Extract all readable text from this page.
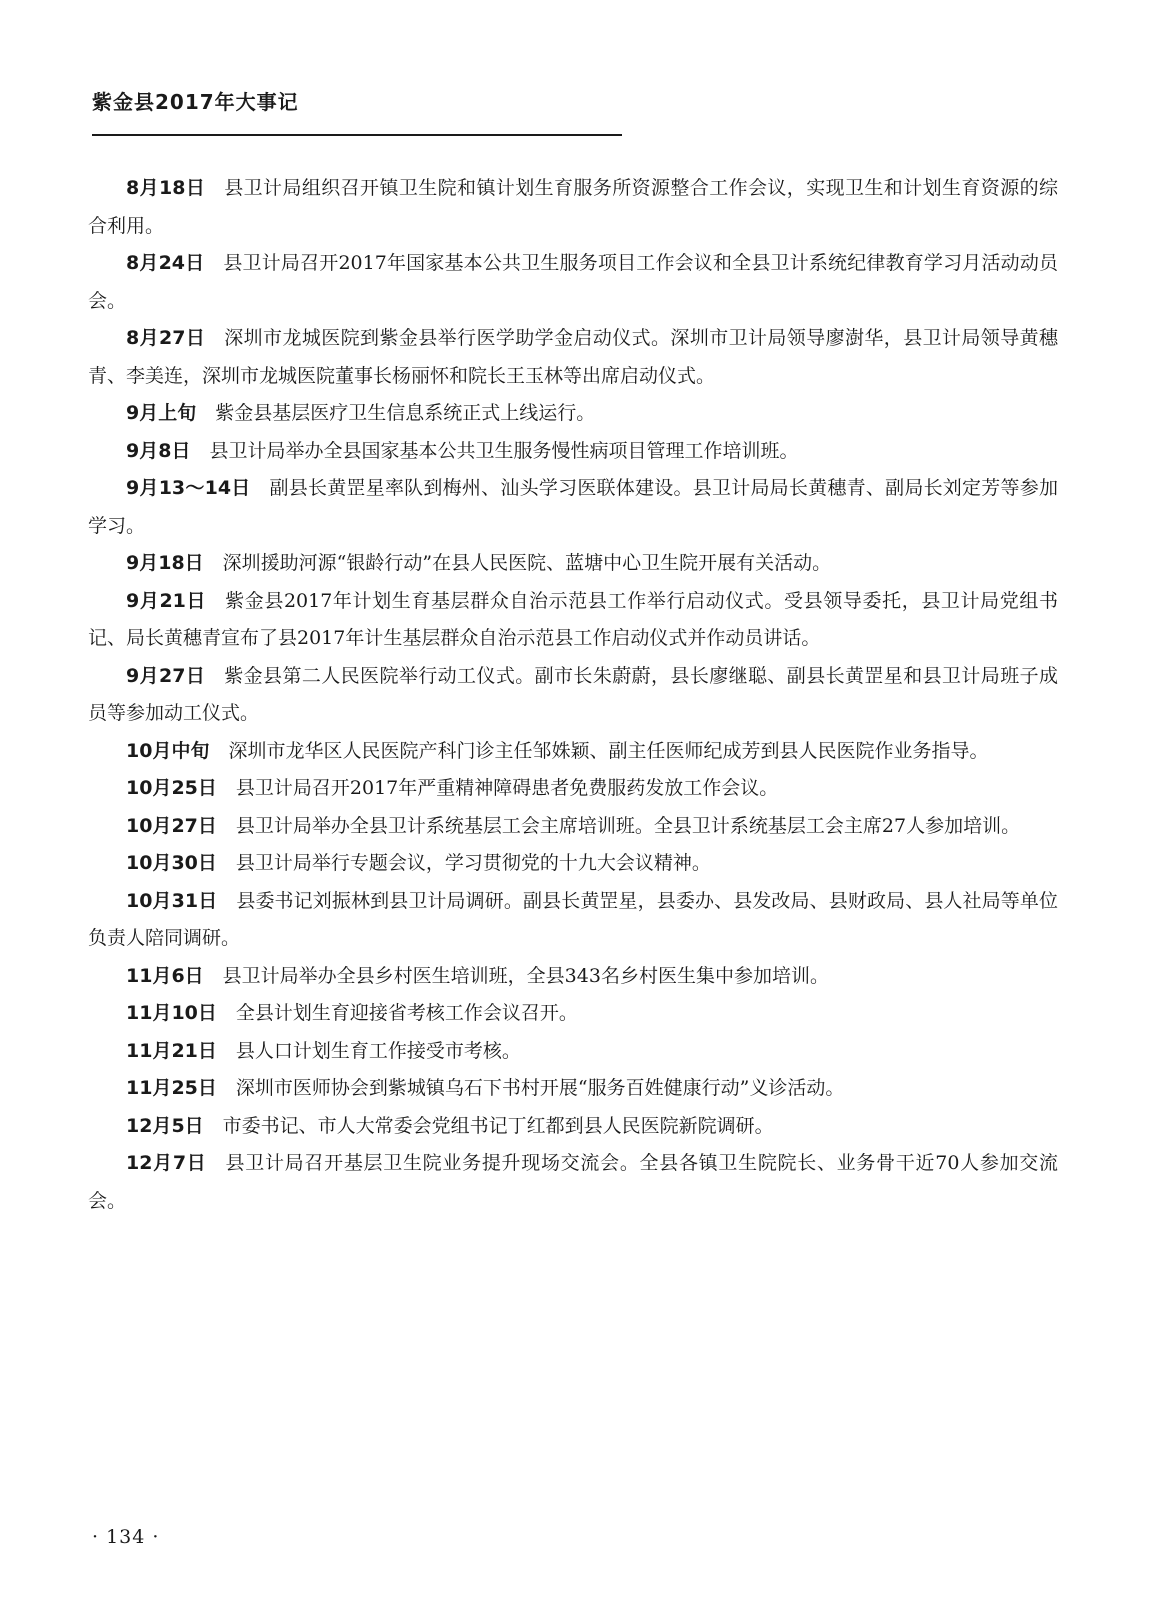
紫金县2017年大事记

8月18日 县卫计局组织召开镇卫生院和镇计划生育服务所资源整合工作会议，实现卫生和计划生育资源的综合利用。

8月24日 县卫计局召开2017年国家基本公共卫生服务项目工作会议和全县卫计系统纪律教育学习月活动动员会。

8月27日 深圳市龙城医院到紫金县举行医学助学金启动仪式。深圳市卫计局领导廖澍华，县卫计局领导黄穗青、李美连，深圳市龙城医院董事长杨丽怀和院长王玉林等出席启动仪式。

9月上旬 紫金县基层医疗卫生信息系统正式上线运行。

9月8日 县卫计局举办全县国家基本公共卫生服务慢性病项目管理工作培训班。

9月13～14日 副县长黄罡星率队到梅州、汕头学习医联体建设。县卫计局局长黄穗青、副局长刘定芳等参加学习。

9月18日 深圳援助河源“银龄行动”在县人民医院、蓝塘中心卫生院开展有关活动。

9月21日 紫金县2017年计划生育基层群众自治示范县工作举行启动仪式。受县领导委托，县卫计局党组书记、局长黄穗青宣布了县2017年计生基层群众自治示范县工作启动仪式并作动员讲话。

9月27日 紫金县第二人民医院举行动工仪式。副市长朱蔚蔚，县长廖继聪、副县长黄罡星和县卫计局班子成员等参加动工仪式。

10月中旬 深圳市龙华区人民医院产科门诊主任邹姝颖、副主任医师纪成芳到县人民医院作业务指导。

10月25日 县卫计局召开2017年严重精神障碍患者免费服药发放工作会议。

10月27日 县卫计局举办全县卫计系统基层工会主席培训班。全县卫计系统基层工会主席27人参加培训。

10月30日 县卫计局举行专题会议，学习贯彻党的十九大会议精神。

10月31日 县委书记刘振林到县卫计局调研。副县长黄罡星，县委办、县发改局、县财政局、县人社局等单位负责人陪同调研。

11月6日 县卫计局举办全县乡村医生培训班，全县343名乡村医生集中参加培训。

11月10日 全县计划生育迎接省考核工作会议召开。

11月21日 县人口计划生育工作接受市考核。

11月25日 深圳市医师协会到紫城镇乌石下书村开展“服务百姓健康行动”义诊活动。

12月5日 市委书记、市人大常委会党组书记丁红都到县人民医院新院调研。

12月7日 县卫计局召开基层卫生院业务提升现场交流会。全县各镇卫生院院长、业务骨干近70人参加交流会。

· 134 ·
